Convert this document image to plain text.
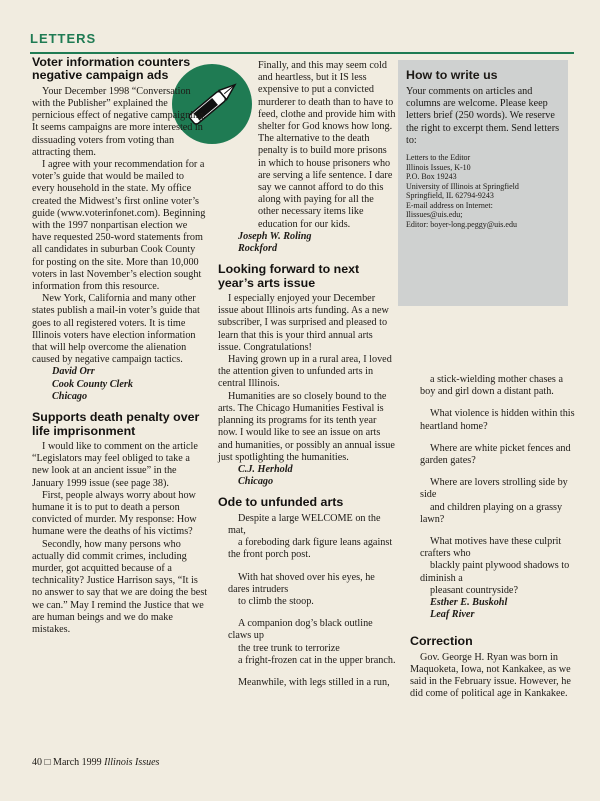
LETTERS
Voter information counters negative campaign ads

Your December 1998 “Conversation with the Publisher” explained the pernicious effect of negative campaigning. It seems campaigns are more interested in dissuading voters from voting than attracting them.

I agree with your recommendation for a voter’s guide that would be mailed to every household in the state. My office created the Midwest’s first online voter’s guide (www.voterinfonet.com). Beginning with the 1997 nonpartisan election we have requested 250-word statements from all candidates in suburban Cook County for posting on the site. More than 10,000 voters in last November’s election sought information from this resource.

New York, California and many other states publish a mail-in voter’s guide that goes to all registered voters. It is time Illinois voters have election information that will help overcome the alienation caused by negative campaign tactics.

David Orr

Cook County Clerk

Chicago

Supports death penalty over life imprisonment

I would like to comment on the article “Legislators may feel obliged to take a new look at an ancient issue” in the January 1999 issue (see page 38).

First, people always worry about how humane it is to put to death a person convicted of murder. My response: How humane were the deaths of his victims?

Secondly, how many persons who actually did commit crimes, including murder, got acquitted because of a technicality? Justice Harrison says, “It is no answer to say that we are doing the best we can.” May I remind the Justice that we are human beings and we do make mistakes.

Finally, and this may seem cold and heartless, but it IS less expensive to put a convicted murderer to death than to have to feed, clothe and provide him with shelter for God knows how long. The alternative to the death penalty is to build more prisons in which to house prisoners who are serving a life sentence. I dare say we cannot afford to do this along with paying for all the other necessary items like education for our kids.

Joseph W. Roling

Rockford

Looking forward to next year’s arts issue

I especially enjoyed your December issue about Illinois arts funding. As a new subscriber, I was surprised and pleased to learn that this is your third annual arts issue. Congratulations!

Having grown up in a rural area, I loved the attention given to unfunded arts in central Illinois.

Humanities are so closely bound to the arts. The Chicago Humanities Festival is planning its programs for its tenth year now. I would like to see an issue on arts and humanities, or possibly an annual issue just spotlighting the humanities.

C.J. Herhold

Chicago

Ode to unfunded arts

Despite a large WELCOME on the mat,

a foreboding dark figure leans against the front porch post.

With hat shoved over his eyes, he dares intruders

to climb the stoop.

A companion dog’s black outline claws up

the tree trunk to terrorize

a fright-frozen cat in the upper branch.

Meanwhile, with legs stilled in a run,

How to write us
Your comments on articles and columns are welcome. Please keep letters brief (250 words). We reserve the right to excerpt them. Send letters to:
Letters to the Editor
Illinois Issues, K-10
P.O. Box 19243
University of Illinois at Springfield
Springfield, IL 62794-9243
E-mail address on Internet:
Ilissues@uis.edu;
Editor: boyer-long.peggy@uis.edu

a stick-wielding mother chases a boy and girl down a distant path.

What violence is hidden within this heartland home?

Where are white picket fences and garden gates?

Where are lovers strolling side by side

and children playing on a grassy lawn?

What motives have these culprit crafters who

blackly paint plywood shadows to diminish a

pleasant countryside?

Esther E. Buskohl

Leaf River

Correction

Gov. George H. Ryan was born in Maquoketa, Iowa, not Kankakee, as we said in the February issue. However, he did come of political age in Kankakee.

40 □ March 1999 Illinois Issues
